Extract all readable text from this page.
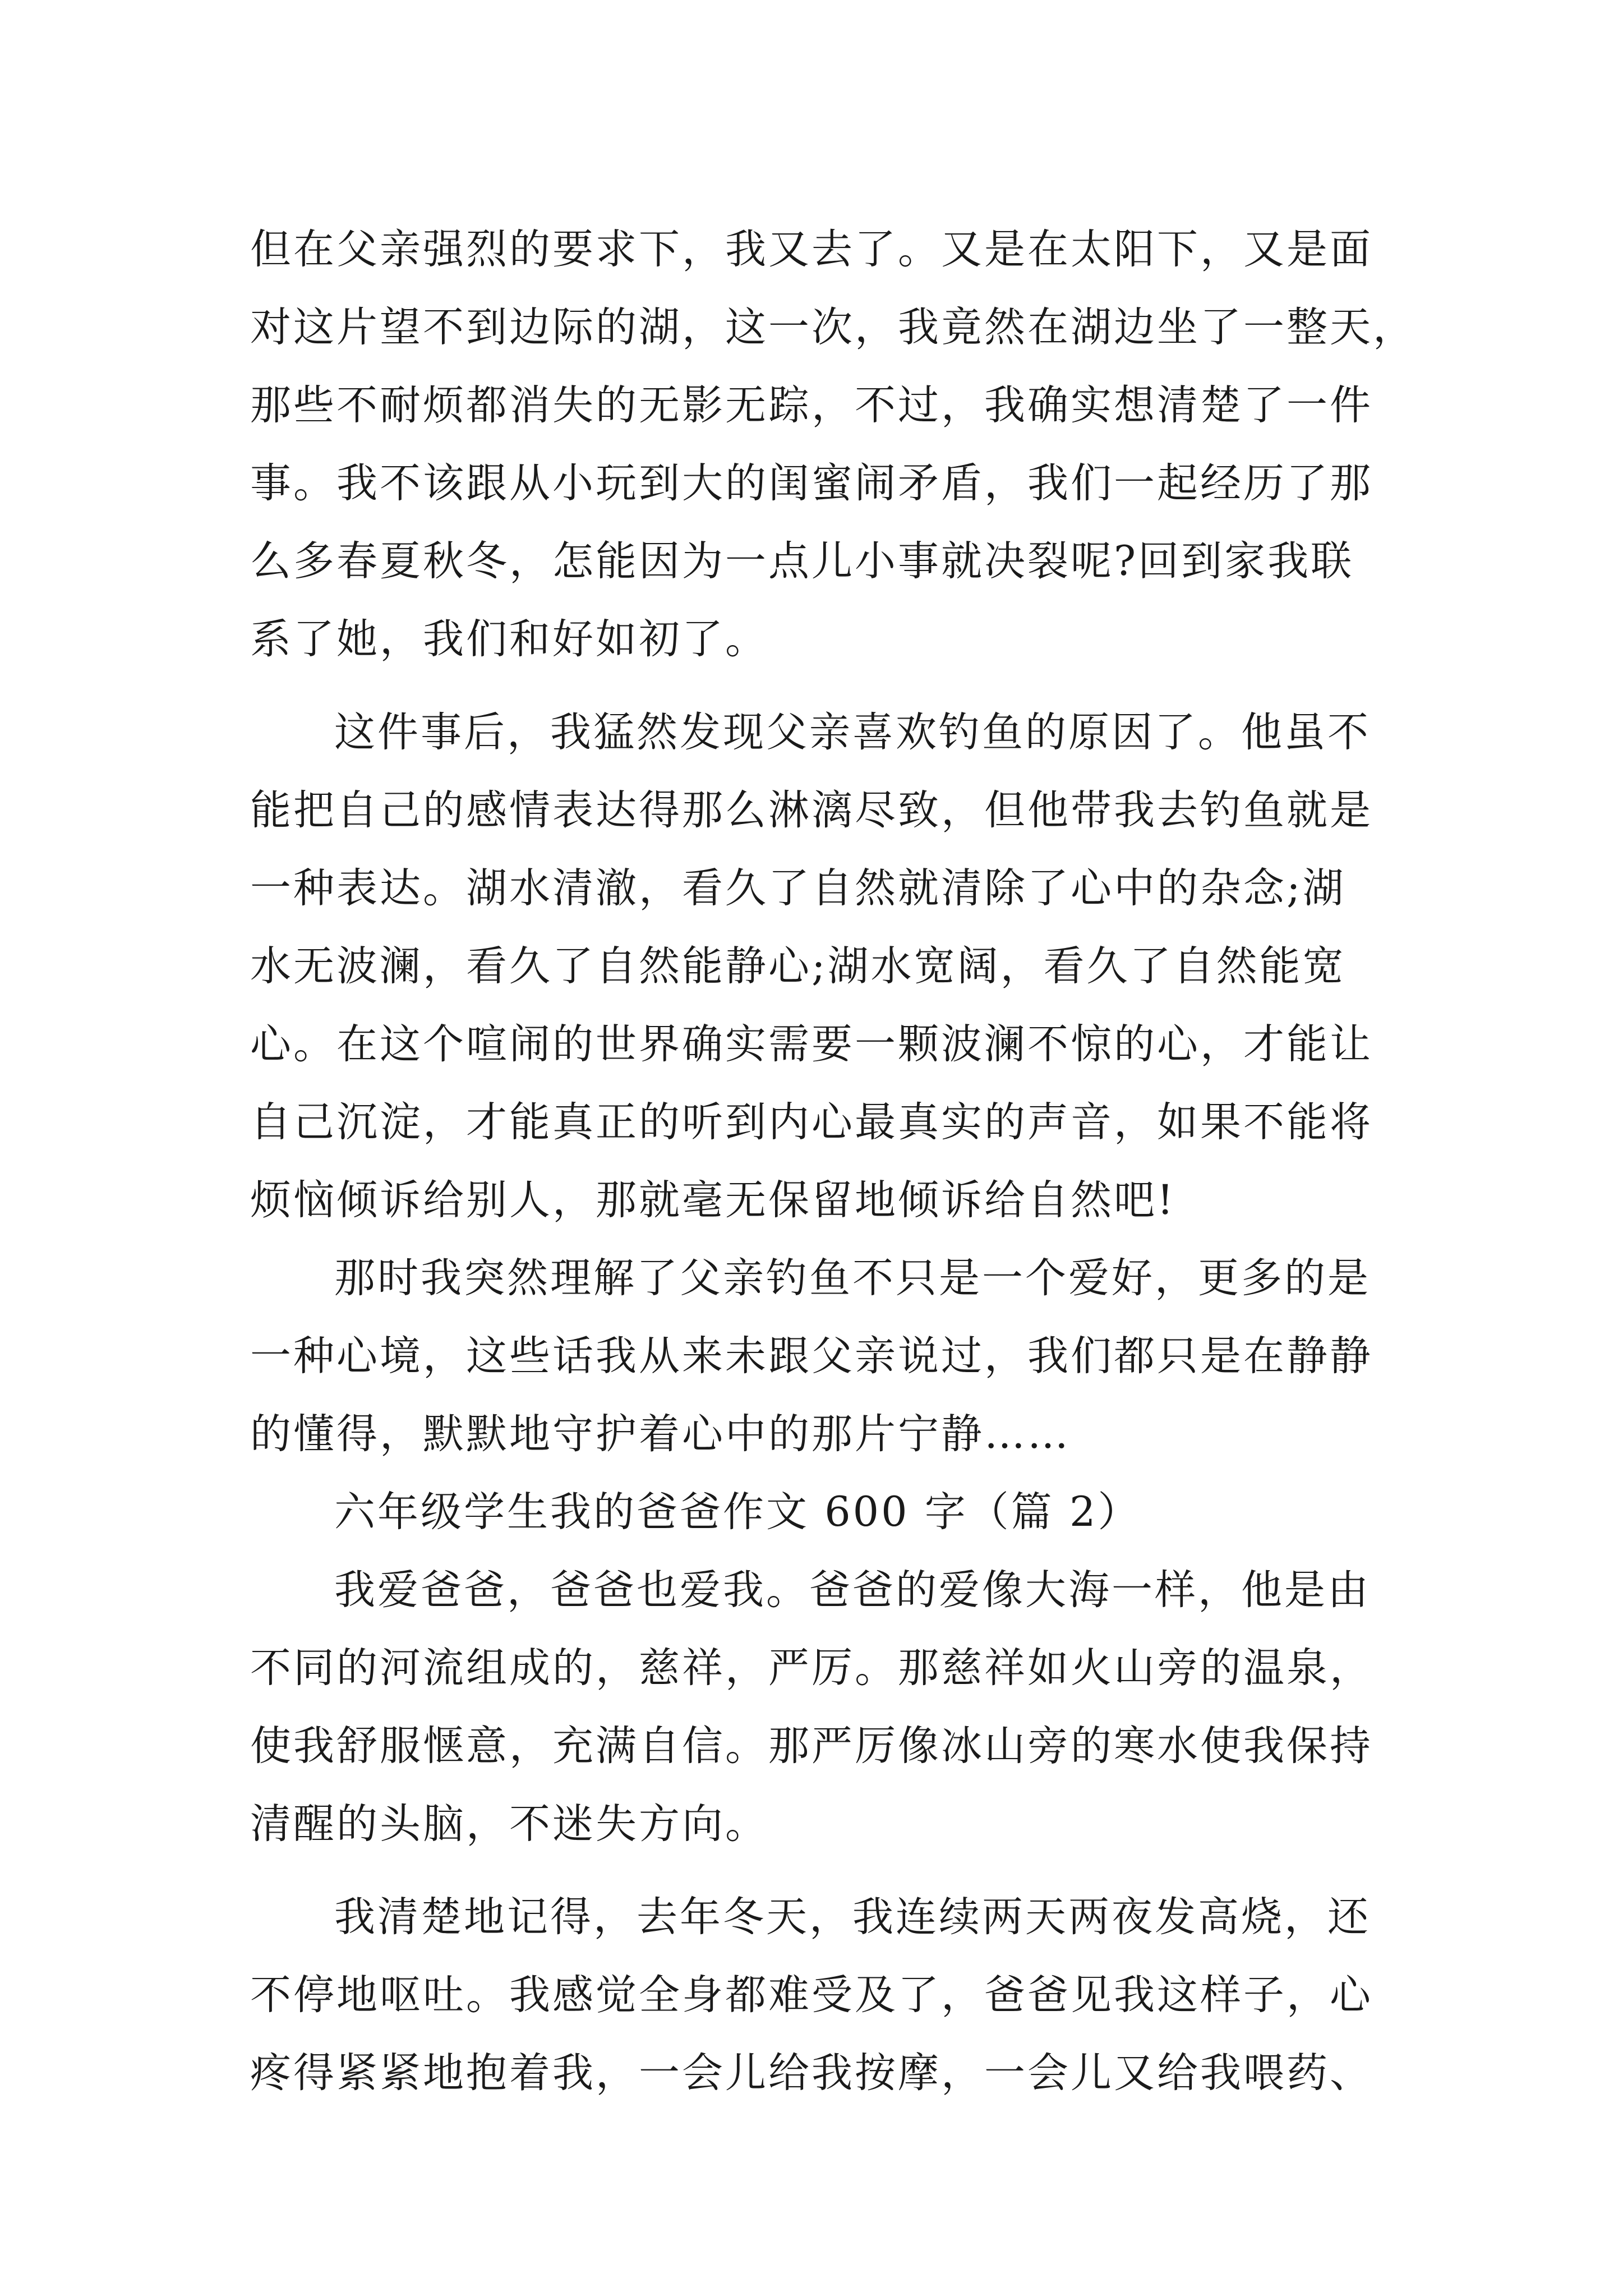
但在父亲强烈的要求下，我又去了。又是在太阳下，又是面
对这片望不到边际的湖，这一次，我竟然在湖边坐了一整天，
那些不耐烦都消失的无影无踪，不过，我确实想清楚了一件
事。我不该跟从小玩到大的闺蜜闹矛盾，我们一起经历了那
么多春夏秋冬，怎能因为一点儿小事就决裂呢?回到家我联
系了她，我们和好如初了。
这件事后，我猛然发现父亲喜欢钓鱼的原因了。他虽不
能把自己的感情表达得那么淋漓尽致，但他带我去钓鱼就是
一种表达。湖水清澈，看久了自然就清除了心中的杂念;湖
水无波澜，看久了自然能静心;湖水宽阔，看久了自然能宽
心。在这个喧闹的世界确实需要一颗波澜不惊的心，才能让
自己沉淀，才能真正的听到内心最真实的声音，如果不能将
烦恼倾诉给别人，那就毫无保留地倾诉给自然吧!
那时我突然理解了父亲钓鱼不只是一个爱好，更多的是
一种心境，这些话我从来未跟父亲说过，我们都只是在静静
的懂得，默默地守护着心中的那片宁静……
六年级学生我的爸爸作文 600 字（篇 2）
我爱爸爸，爸爸也爱我。爸爸的爱像大海一样，他是由
不同的河流组成的，慈祥，严厉。那慈祥如火山旁的温泉，
使我舒服惬意，充满自信。那严厉像冰山旁的寒水使我保持
清醒的头脑，不迷失方向。
我清楚地记得，去年冬天，我连续两天两夜发高烧，还
不停地呕吐。我感觉全身都难受及了，爸爸见我这样子，心
疼得紧紧地抱着我，一会儿给我按摩，一会儿又给我喂药、
